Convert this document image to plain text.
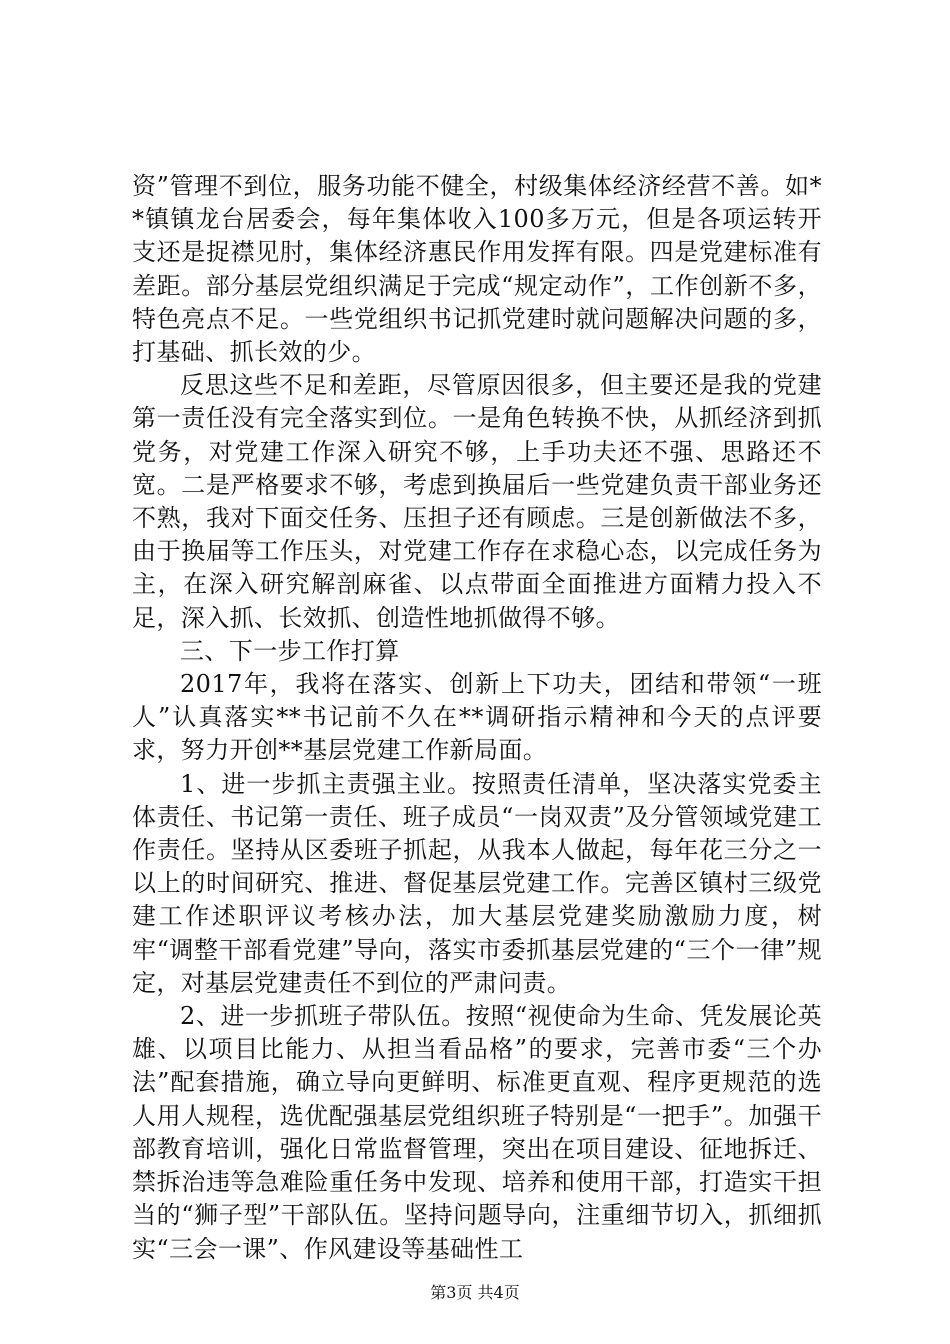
资”管理不到位，服务功能不健全，村级集体经济经营不善。如**镇镇龙台居委会，每年集体收入100多万元，但是各项运转开支还是捉襟见肘，集体经济惠民作用发挥有限。四是党建标准有差距。部分基层党组织满足于完成“规定动作”，工作创新不多，特色亮点不足。一些党组织书记抓党建时就问题解决问题的多，打基础、抓长效的少。

反思这些不足和差距，尽管原因很多，但主要还是我的党建第一责任没有完全落实到位。一是角色转换不快，从抓经济到抓党务，对党建工作深入研究不够，上手功夫还不强、思路还不宽。二是严格要求不够，考虑到换届后一些党建负责干部业务还不熟，我对下面交任务、压担子还有顾虑。三是创新做法不多，由于换届等工作压头，对党建工作存在求稳心态，以完成任务为主，在深入研究解剖麻雀、以点带面全面推进方面精力投入不足，深入抓、长效抓、创造性地抓做得不够。

三、下一步工作打算

2017年，我将在落实、创新上下功夫，团结和带领“一班人”认真落实**书记前不久在**调研指示精神和今天的点评要求，努力开创**基层党建工作新局面。

1、进一步抓主责强主业。按照责任清单，坚决落实党委主体责任、书记第一责任、班子成员“一岗双责”及分管领域党建工作责任。坚持从区委班子抓起，从我本人做起，每年花三分之一以上的时间研究、推进、督促基层党建工作。完善区镇村三级党建工作述职评议考核办法，加大基层党建奖励激励力度，树牢“调整干部看党建”导向，落实市委抓基层党建的“三个一律”规定，对基层党建责任不到位的严肃问责。

2、进一步抓班子带队伍。按照“视使命为生命、凭发展论英雄、以项目比能力、从担当看品格”的要求，完善市委“三个办法”配套措施，确立导向更鲜明、标准更直观、程序更规范的选人用人规程，选优配强基层党组织班子特别是“一把手”。加强干部教育培训，强化日常监督管理，突出在项目建设、征地拆迁、禁拆治违等急难险重任务中发现、培养和使用干部，打造实干担当的“狮子型”干部队伍。坚持问题导向，注重细节切入，抓细抓实“三会一课”、作风建设等基础性工

第3页 共4页
